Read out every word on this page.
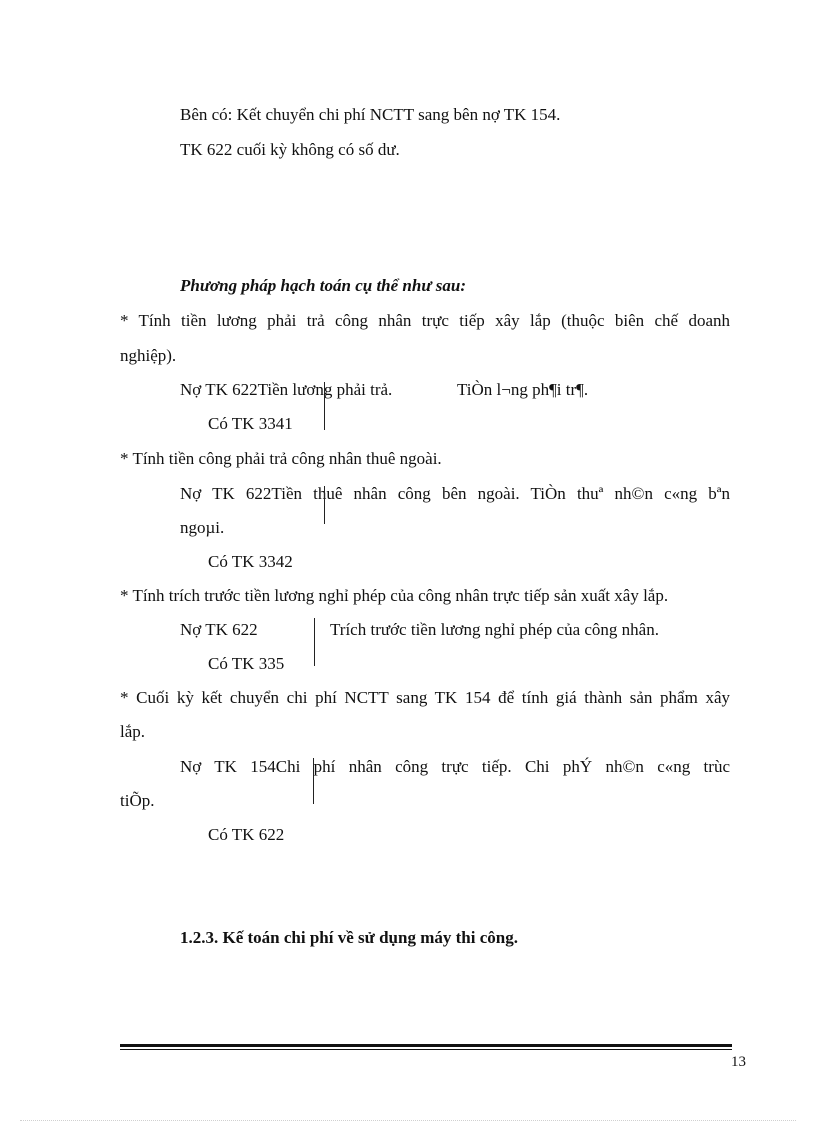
Bên có: Kết chuyển chi phí NCTT sang bên nợ TK 154.
TK 622 cuối kỳ không có số dư.
Phương pháp hạch toán cụ thể như sau:
* Tính tiền lương phải trả công nhân trực tiếp xây lắp (thuộc biên chế doanh
nghiệp).
Nợ TK 622Tiền lương phải trả.	TiÒn l¬ng ph¶i tr¶.
Có TK 3341
* Tính tiền công phải trả công nhân thuê ngoài.
Nợ TK 622Tiền thuê nhân công bên ngoài. TiÒn thuª nh©n c«ng bªn
ngoµi.
Có TK 3342
* Tính trích trước tiền lương nghỉ phép của công nhân trực tiếp sản xuất xây lắp.
Nợ TK 622	Trích trước tiền lương nghỉ phép của công nhân.
Có TK 335
* Cuối kỳ kết chuyển chi phí NCTT sang TK 154 để tính giá thành sản phẩm xây
lắp.
Nợ TK 154Chi phí nhân công trực tiếp. Chi phÝ nh©n c«ng trùc
tiÕp.
Có TK 622
1.2.3. Kế toán chi phí về sử dụng máy thi công.
13
